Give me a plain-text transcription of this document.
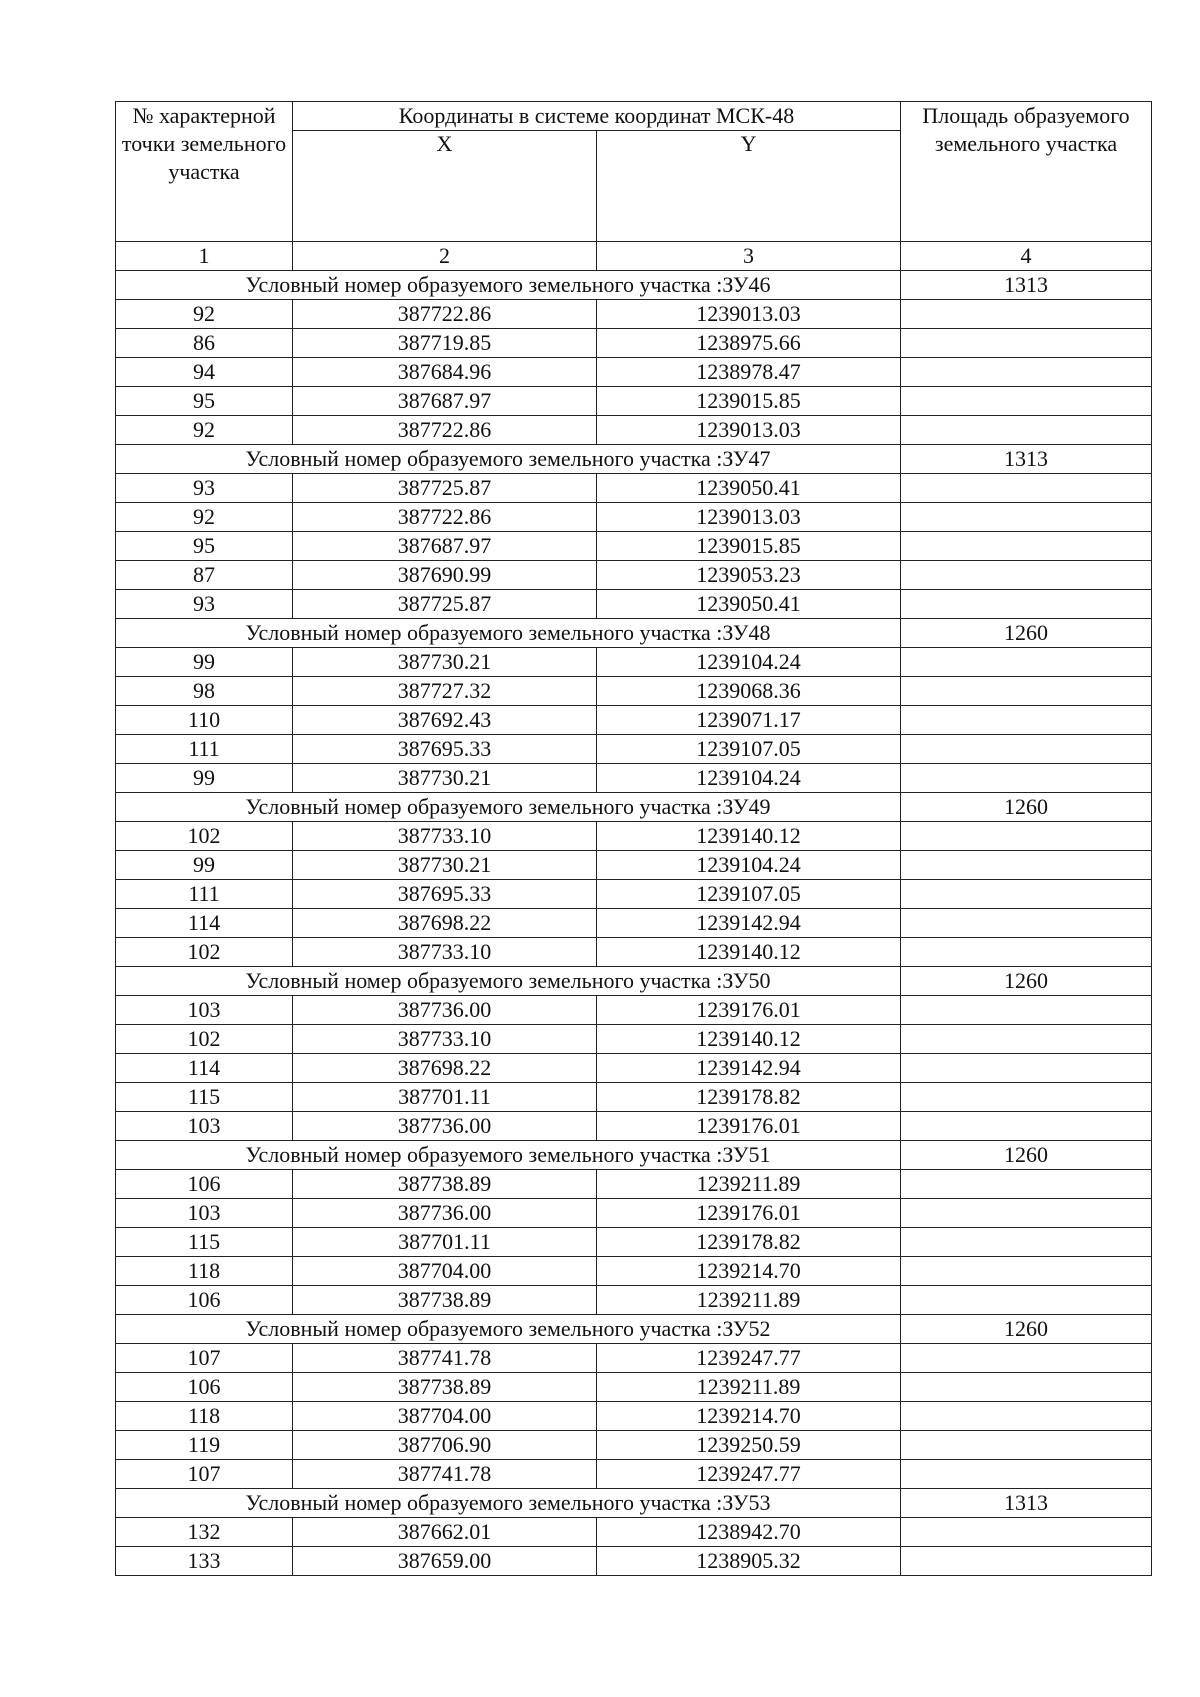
№ характерной точки земельного участка	Координаты в системе координат МСК-48		Площадь образуемого земельного участка
	X	Y	
1	2	3	4
Условный номер образуемого земельного участка :ЗУ46			1313
92	387722.86	1239013.03	
86	387719.85	1238975.66	
94	387684.96	1238978.47	
95	387687.97	1239015.85	
92	387722.86	1239013.03	
Условный номер образуемого земельного участка :ЗУ47			1313
93	387725.87	1239050.41	
92	387722.86	1239013.03	
95	387687.97	1239015.85	
87	387690.99	1239053.23	
93	387725.87	1239050.41	
Условный номер образуемого земельного участка :ЗУ48			1260
99	387730.21	1239104.24	
98	387727.32	1239068.36	
110	387692.43	1239071.17	
111	387695.33	1239107.05	
99	387730.21	1239104.24	
Условный номер образуемого земельного участка :ЗУ49			1260
102	387733.10	1239140.12	
99	387730.21	1239104.24	
111	387695.33	1239107.05	
114	387698.22	1239142.94	
102	387733.10	1239140.12	
Условный номер образуемого земельного участка :ЗУ50			1260
103	387736.00	1239176.01	
102	387733.10	1239140.12	
114	387698.22	1239142.94	
115	387701.11	1239178.82	
103	387736.00	1239176.01	
Условный номер образуемого земельного участка :ЗУ51			1260
106	387738.89	1239211.89	
103	387736.00	1239176.01	
115	387701.11	1239178.82	
118	387704.00	1239214.70	
106	387738.89	1239211.89	
Условный номер образуемого земельного участка :ЗУ52			1260
107	387741.78	1239247.77	
106	387738.89	1239211.89	
118	387704.00	1239214.70	
119	387706.90	1239250.59	
107	387741.78	1239247.77	
Условный номер образуемого земельного участка :ЗУ53			1313
132	387662.01	1238942.70	
133	387659.00	1238905.32	
